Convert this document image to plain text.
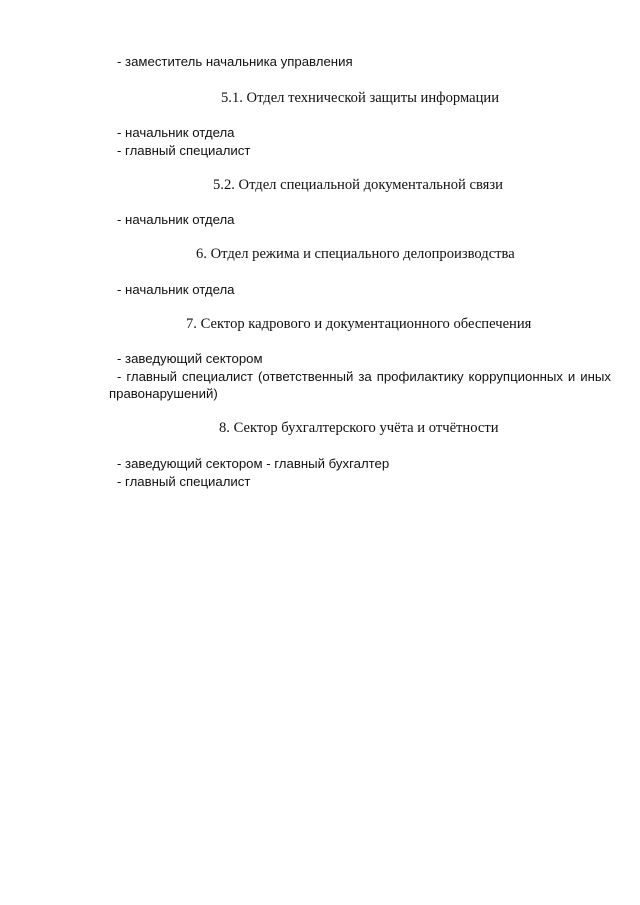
- заместитель начальника управления
5.1. Отдел технической защиты информации
- начальник отдела
- главный специалист
5.2. Отдел специальной документальной связи
- начальник отдела
6. Отдел режима и специального делопроизводства
- начальник отдела
7. Сектор кадрового и документационного обеспечения
- заведующий сектором
- главный специалист (ответственный за профилактику коррупционных и иных правонарушений)
8. Сектор бухгалтерского учёта и отчётности
- заведующий сектором - главный бухгалтер
- главный специалист
